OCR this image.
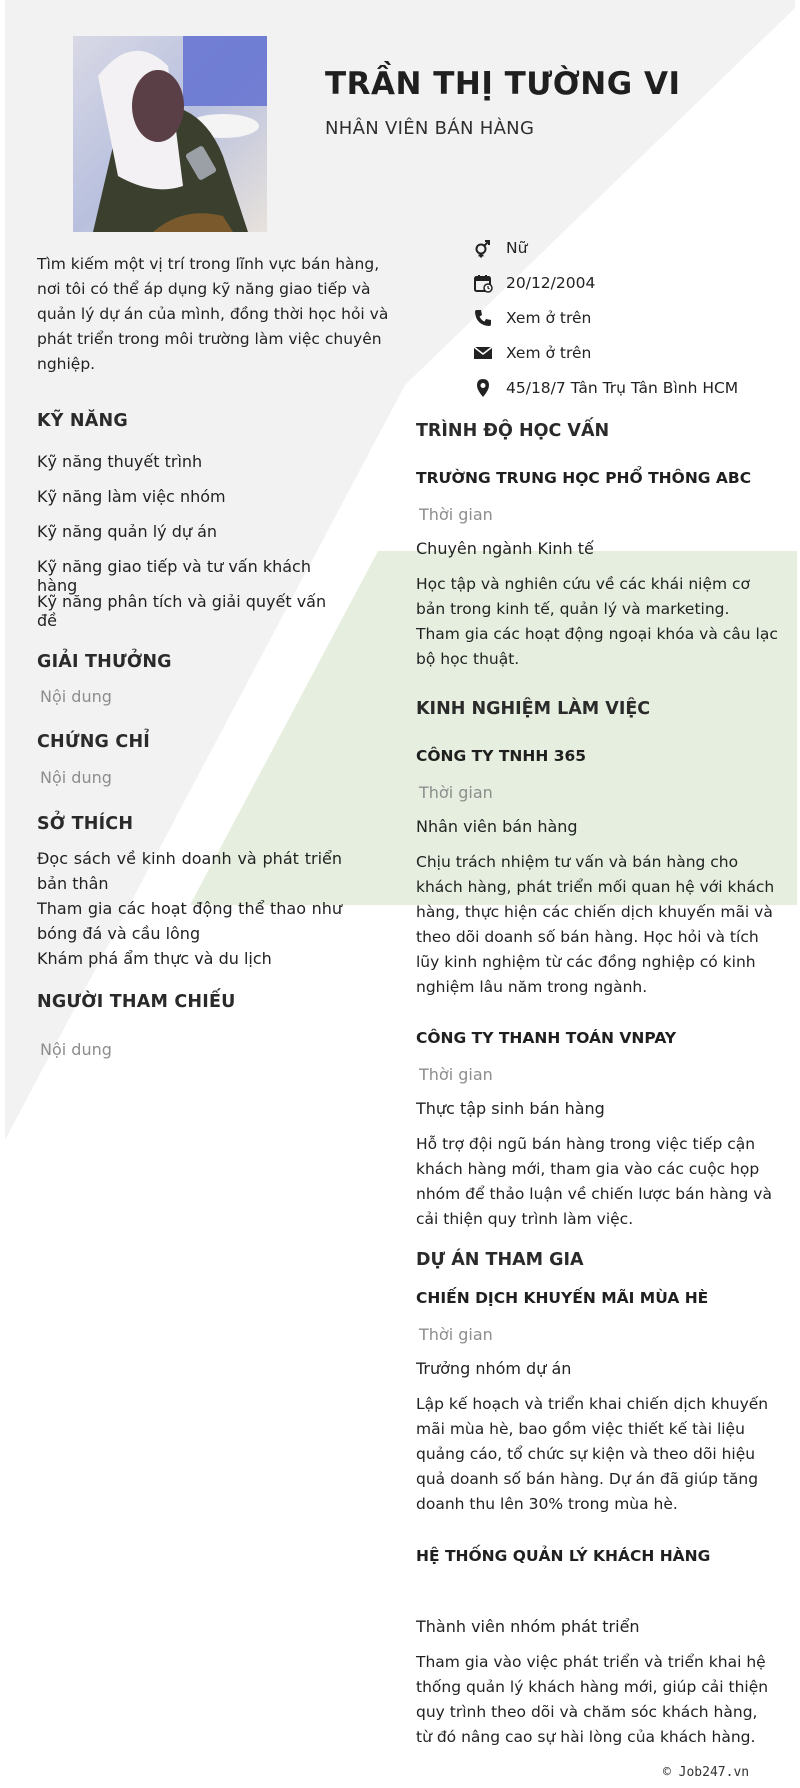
TRẦN THỊ TƯỜNG VI
NHÂN VIÊN BÁN HÀNG
Tìm kiếm một vị trí trong lĩnh vực bán hàng, nơi tôi có thể áp dụng kỹ năng giao tiếp và quản lý dự án của mình, đồng thời học hỏi và phát triển trong môi trường làm việc chuyên nghiệp.
Nữ
20/12/2004
Xem ở trên
Xem ở trên
45/18/7 Tân Trụ Tân Bình HCM
KỸ NĂNG
Kỹ năng thuyết trình
Kỹ năng làm việc nhóm
Kỹ năng quản lý dự án
Kỹ năng giao tiếp và tư vấn khách hàng
Kỹ năng phân tích và giải quyết vấn đề
GIẢI THƯỞNG
Nội dung
CHỨNG CHỈ
Nội dung
SỞ THÍCH
Đọc sách về kinh doanh và phát triển bản thân
Tham gia các hoạt động thể thao như bóng đá và cầu lông
Khám phá ẩm thực và du lịch
NGƯỜI THAM CHIẾU
Nội dung
TRÌNH ĐỘ HỌC VẤN
TRƯỜNG TRUNG HỌC PHỔ THÔNG ABC
Thời gian
Chuyên ngành Kinh tế
Học tập và nghiên cứu về các khái niệm cơ bản trong kinh tế, quản lý và marketing. Tham gia các hoạt động ngoại khóa và câu lạc bộ học thuật.
KINH NGHIỆM LÀM VIỆC
CÔNG TY TNHH 365
Thời gian
Nhân viên bán hàng
Chịu trách nhiệm tư vấn và bán hàng cho khách hàng, phát triển mối quan hệ với khách hàng, thực hiện các chiến dịch khuyến mãi và theo dõi doanh số bán hàng. Học hỏi và tích lũy kinh nghiệm từ các đồng nghiệp có kinh nghiệm lâu năm trong ngành.
CÔNG TY THANH TOÁN VNPAY
Thời gian
Thực tập sinh bán hàng
Hỗ trợ đội ngũ bán hàng trong việc tiếp cận khách hàng mới, tham gia vào các cuộc họp nhóm để thảo luận về chiến lược bán hàng và cải thiện quy trình làm việc.
DỰ ÁN THAM GIA
CHIẾN DỊCH KHUYẾN MÃI MÙA HÈ
Thời gian
Trưởng nhóm dự án
Lập kế hoạch và triển khai chiến dịch khuyến mãi mùa hè, bao gồm việc thiết kế tài liệu quảng cáo, tổ chức sự kiện và theo dõi hiệu quả doanh số bán hàng. Dự án đã giúp tăng doanh thu lên 30% trong mùa hè.
HỆ THỐNG QUẢN LÝ KHÁCH HÀNG
Thành viên nhóm phát triển
Tham gia vào việc phát triển và triển khai hệ thống quản lý khách hàng mới, giúp cải thiện quy trình theo dõi và chăm sóc khách hàng, từ đó nâng cao sự hài lòng của khách hàng.
© Job247.vn
